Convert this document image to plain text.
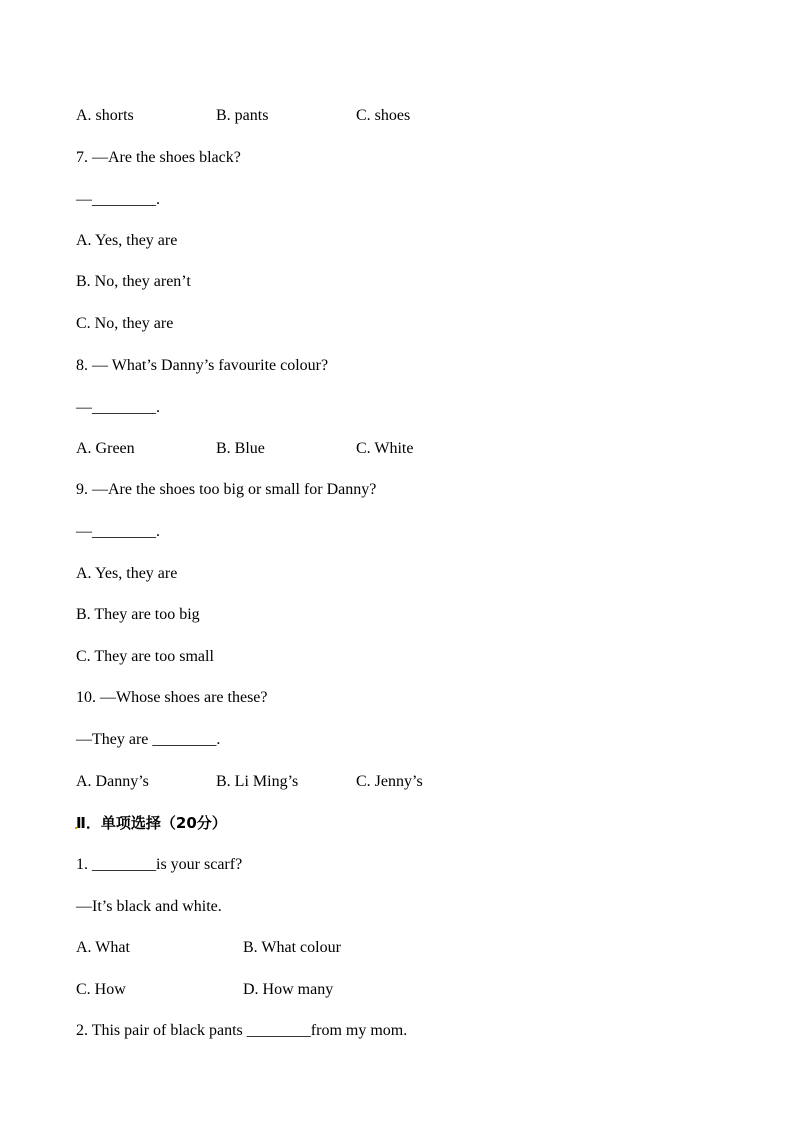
A. shorts	B. pants	C. shoes
7. —Are the shoes black?
—________.
A. Yes, they are
B. No, they aren’t
C. No, they are
8. — What’s Danny’s favourite colour?
—________.
A. Green	B. Blue	C. White
9. —Are the shoes too big or small for Danny?
—________.
A. Yes, they are
B. They are too big
C. They are too small
10. —Whose shoes are these?
—They are ________.
A. Danny’s	B. Li Ming’s	C. Jenny’s
Ⅱ．单项选择（20分）
1. ________is your scarf?
—It’s black and white.
A. What	B. What colour
C. How	D. How many
2. This pair of black pants ________from my mom.
